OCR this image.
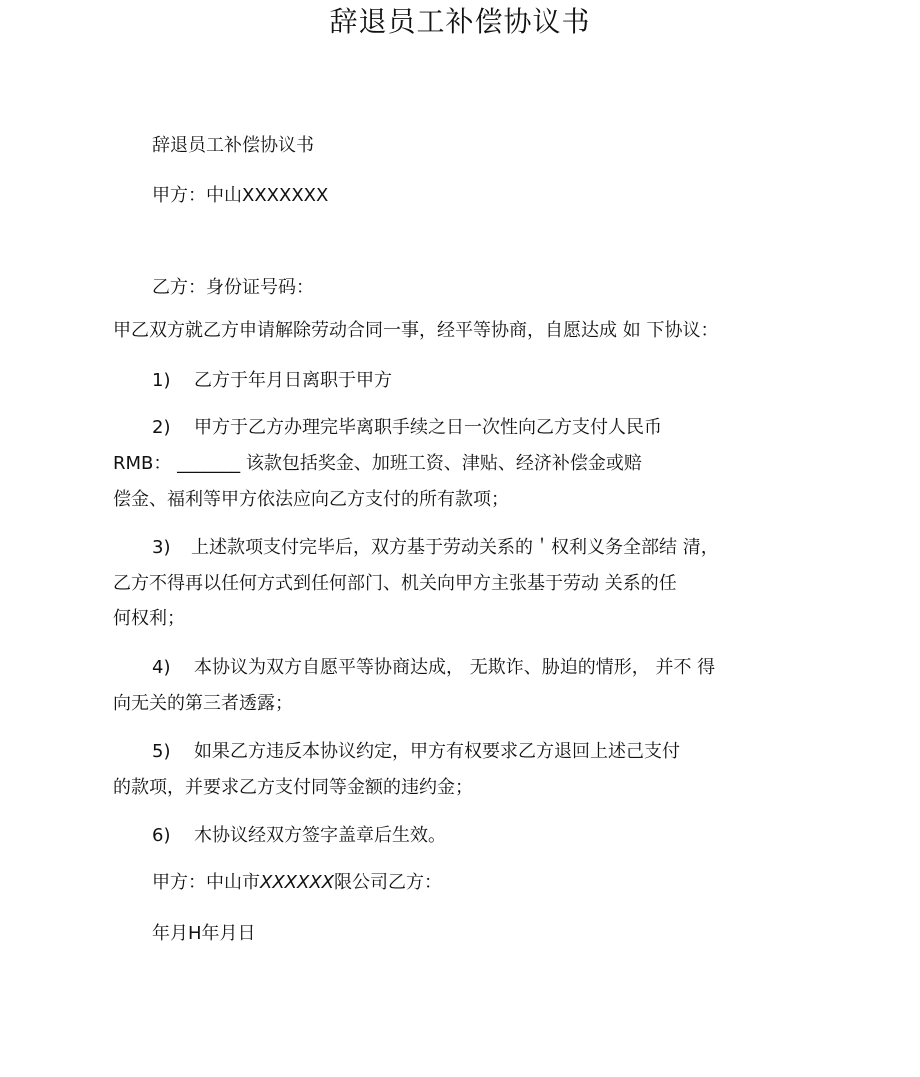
辞退员工补偿协议书
辞退员工补偿协议书
甲方：中山XXXXXXX
乙方：身份证号码：
甲乙双方就乙方申请解除劳动合同一事，经平等协商，自愿达成 如 下协议：
1) 乙方于年月日离职于甲方
2) 甲方于乙方办理完毕离职手续之日一次性向乙方支付人民币
RMB： _______ 该款包括奖金、加班工资、津贴、经济补偿金或赔
偿金、福利等甲方依法应向乙方支付的所有款项；
3) 上述款项支付完毕后，双方基于劳动关系的＇权利义务全部结 清，
乙方不得再以任何方式到任何部门、机关向甲方主张基于劳动 关系的任
何权利；
4) 本协议为双方自愿平等协商达成， 无欺诈、胁迫的情形， 并不 得
向无关的第三者透露；
5) 如果乙方违反本协议约定，甲方有权要求乙方退回上述己支付
的款项，并要求乙方支付同等金额的违约金；
6) 木协议经双方签字盖章后生效。
甲方：中山市XXXXXX限公司乙方：
年月H年月日
